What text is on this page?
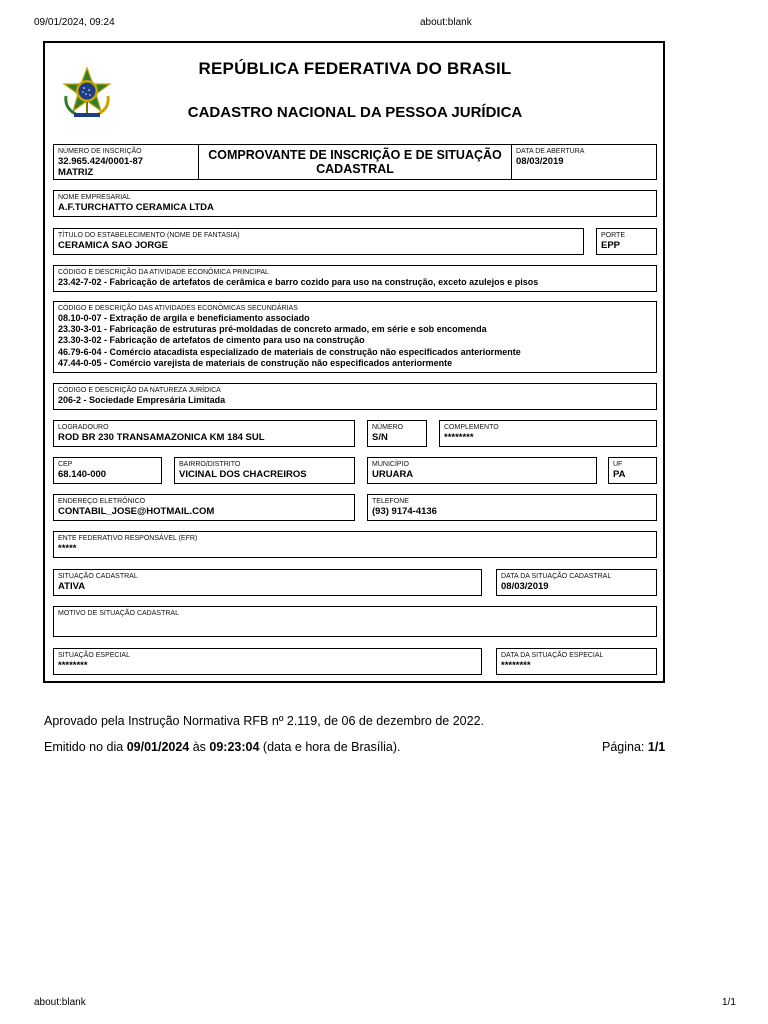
09/01/2024, 09:24	about:blank
about:blank	1/1
REPÚBLICA FEDERATIVA DO BRASIL
CADASTRO NACIONAL DA PESSOA JURÍDICA
NÚMERO DE INSCRIÇÃO
32.965.424/0001-87
MATRIZ
COMPROVANTE DE INSCRIÇÃO E DE SITUAÇÃO
CADASTRAL
DATA DE ABERTURA
08/03/2019
NOME EMPRESARIAL
A.F.TURCHATTO CERAMICA LTDA
TÍTULO DO ESTABELECIMENTO (NOME DE FANTASIA)
CERAMICA SAO JORGE
PORTE
EPP
CÓDIGO E DESCRIÇÃO DA ATIVIDADE ECONÔMICA PRINCIPAL
23.42-7-02 - Fabricação de artefatos de cerâmica e barro cozido para uso na construção, exceto azulejos e pisos
CÓDIGO E DESCRIÇÃO DAS ATIVIDADES ECONÔMICAS SECUNDÁRIAS
08.10-0-07 - Extração de argila e beneficiamento associado
23.30-3-01 - Fabricação de estruturas pré-moldadas de concreto armado, em série e sob encomenda
23.30-3-02 - Fabricação de artefatos de cimento para uso na construção
46.79-6-04 - Comércio atacadista especializado de materiais de construção não especificados anteriormente
47.44-0-05 - Comércio varejista de materiais de construção não especificados anteriormente
CÓDIGO E DESCRIÇÃO DA NATUREZA JURÍDICA
206-2 - Sociedade Empresária Limitada
LOGRADOURO
ROD BR 230 TRANSAMAZONICA KM 184 SUL
NÚMERO
S/N
COMPLEMENTO
********
CEP
68.140-000
BAIRRO/DISTRITO
VICINAL DOS CHACREIROS
MUNICÍPIO
URUARA
UF
PA
ENDEREÇO ELETRÔNICO
CONTABIL_JOSE@HOTMAIL.COM
TELEFONE
(93) 9174-4136
ENTE FEDERATIVO RESPONSÁVEL (EFR)
*****
SITUAÇÃO CADASTRAL
ATIVA
DATA DA SITUAÇÃO CADASTRAL
08/03/2019
MOTIVO DE SITUAÇÃO CADASTRAL
SITUAÇÃO ESPECIAL
********
DATA DA SITUAÇÃO ESPECIAL
********
Aprovado pela Instrução Normativa RFB nº 2.119, de 06 de dezembro de 2022.
Emitido no dia 09/01/2024 às 09:23:04 (data e hora de Brasília).	Página: 1/1
